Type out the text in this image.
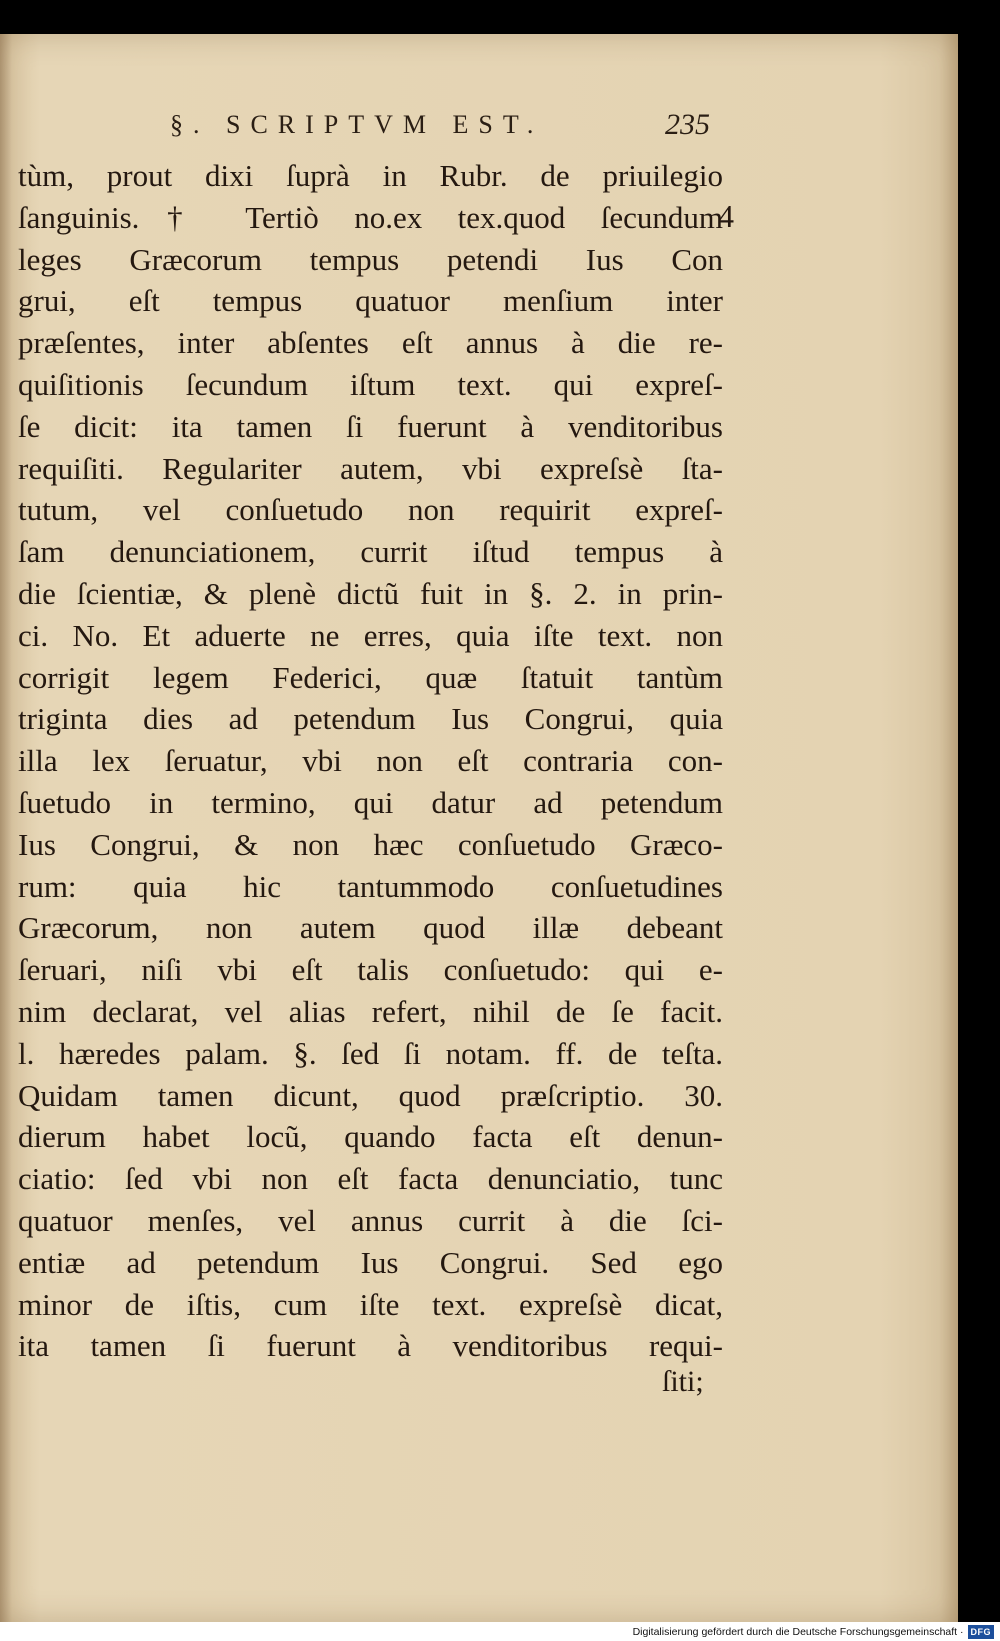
§. SCRIPTVM EST.	235
tùm, prout dixi ſuprà in Rubr. de priuilegio
ſanguinis.† Tertiò no.ex tex.quod ſecundum
leges Græcorum tempus petendi Ius Con
grui, eſt tempus quatuor menſium inter
præſentes, inter abſentes eſt annus à die re-
quiſitionis ſecundum iſtum text. qui expreſ-
ſe dicit: ita tamen ſi fuerunt à venditoribus
requiſiti. Regulariter autem, vbi expreſsè ſta-
tutum, vel conſuetudo non requirit expreſ-
ſam denunciationem, currit iſtud tempus à
die ſcientiæ, & plenè dictũ fuit in §. 2. in prin-
ci. No. Et aduerte ne erres, quia iſte text. non
corrigit legem Federici, quæ ſtatuit tantùm
triginta dies ad petendum Ius Congrui, quia
illa lex ſeruatur, vbi non eſt contraria con-
ſuetudo in termino, qui datur ad petendum
Ius Congrui, & non hæc conſuetudo Græco-
rum: quia hic tantummodo conſuetudines
Græcorum, non autem quod illæ debeant
ſeruari, niſi vbi eſt talis conſuetudo: qui e-
nim declarat, vel alias refert, nihil de ſe facit.
l. hæredes palam. §. ſed ſi notam. ff. de teſta.
Quidam tamen dicunt, quod præſcriptio. 30.
dierum habet locũ, quando facta eſt denun-
ciatio: ſed vbi non eſt facta denunciatio, tunc
quatuor menſes, vel annus currit à die ſci-
entiæ ad petendum Ius Congrui. Sed ego
minor de iſtis, cum iſte text. expreſsè dicat,
ita tamen ſi fuerunt à venditoribus requi-
4
ſiti;
Digitalisierung gefördert durch die Deutsche Forschungsgemeinschaft · DFG
